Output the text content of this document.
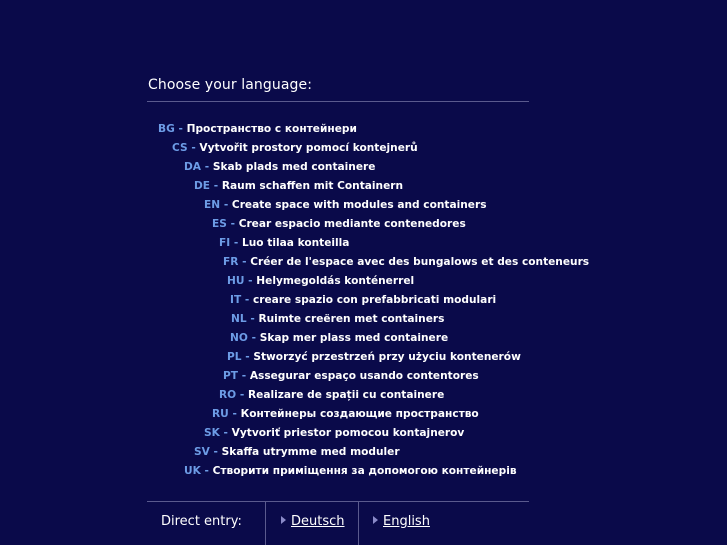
Choose your language:
BG - Пространство с контейнери
CS - Vytvořit prostory pomocí kontejnerů
DA - Skab plads med containere
DE - Raum schaffen mit Containern
EN - Create space with modules and containers
ES - Crear espacio mediante contenedores
FI - Luo tilaa konteilla
FR - Créer de l'espace avec des bungalows et des conteneurs
HU - Helymegoldás konténerrel
IT - creare spazio con prefabbricati modulari
NL - Ruimte creëren met containers
NO - Skap mer plass med containere
PL - Stworzyć przestrzeń przy użyciu kontenerów
PT - Assegurar espaço usando contentores
RO - Realizare de spații cu containere
RU - Контейнеры создающие пространство
SK - Vytvoriť priestor pomocou kontajnerov
SV - Skaffa utrymme med moduler
UK - Створити приміщення за допомогою контейнерів
Direct entry:	Deutsch	English
